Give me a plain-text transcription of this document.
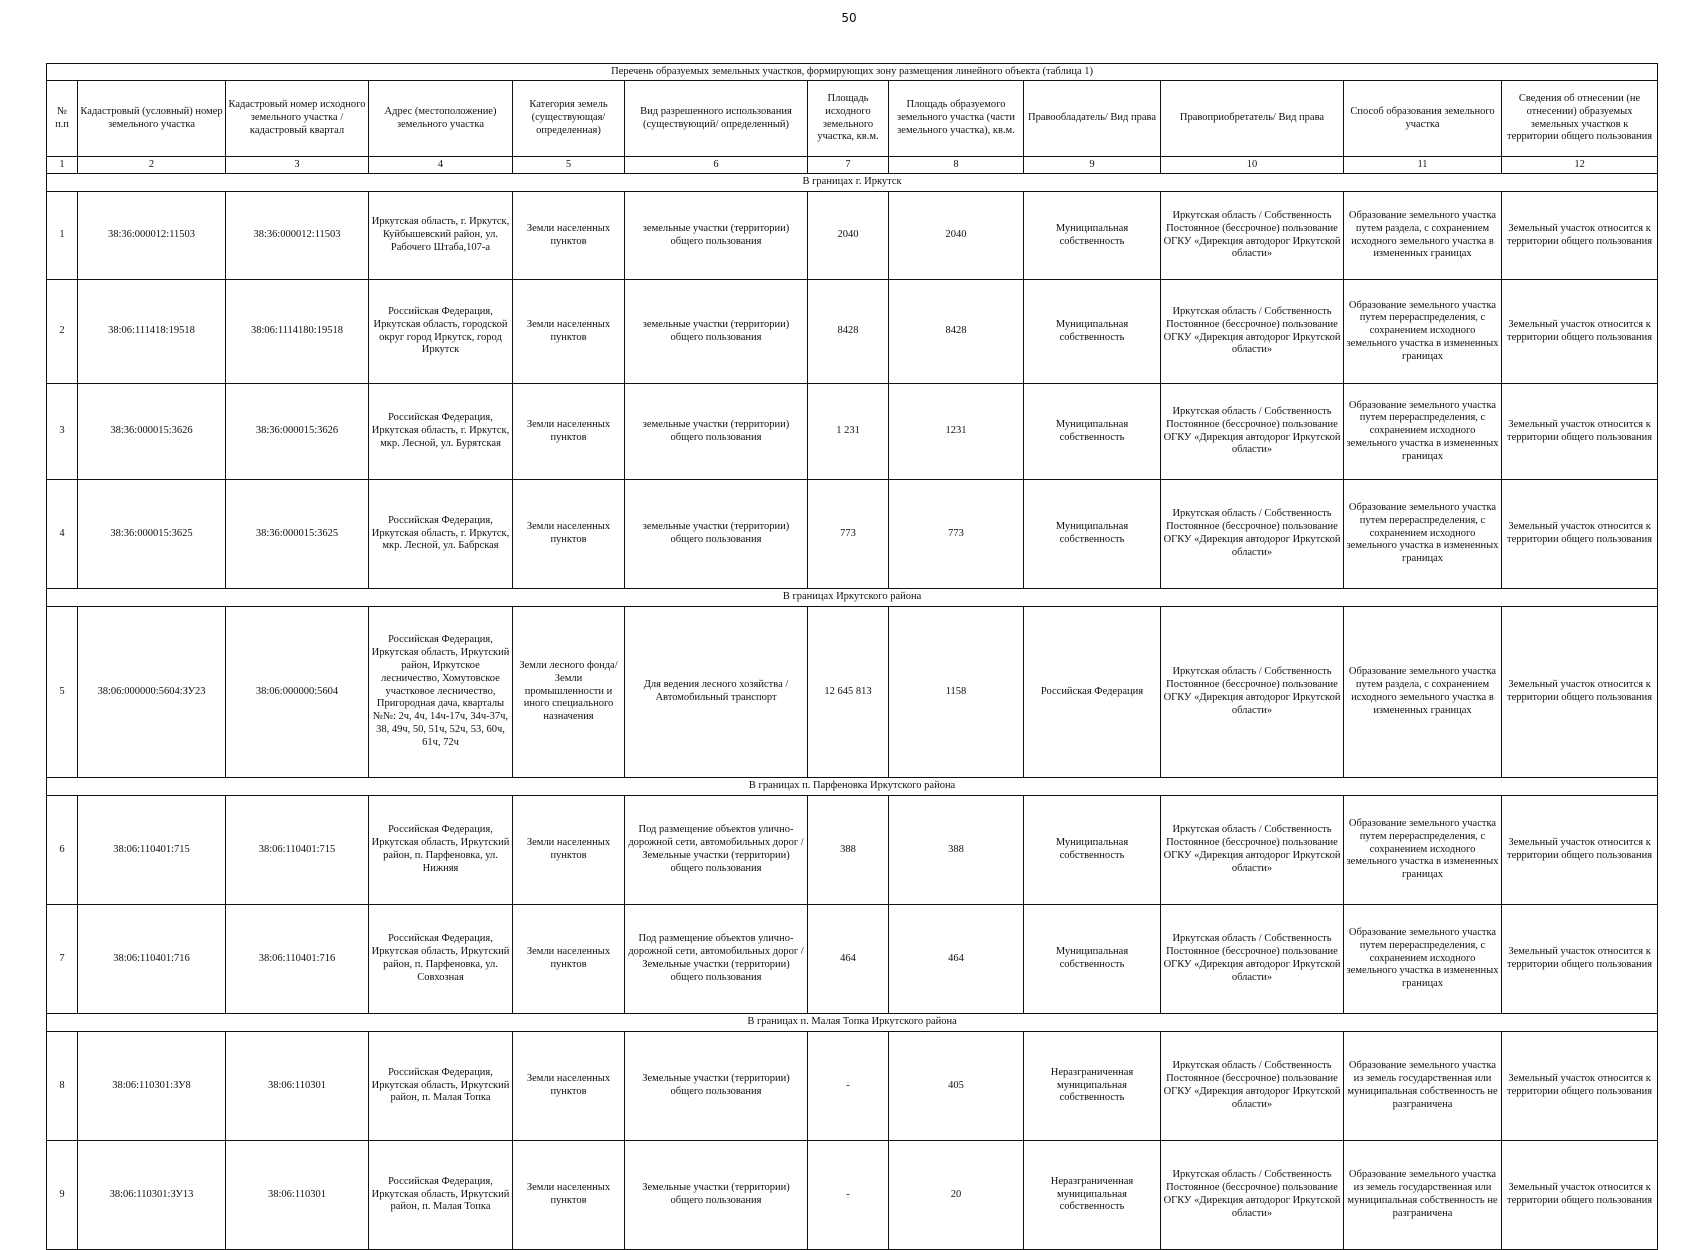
50
Перечень образуемых земельных участков, формирующих зону размещения линейного объекта (таблица 1)											
№ п.п	Кадастровый (условный) номер земельного участка	Кадастровый номер исходного земельного участка / кадастровый квартал	Адрес (местоположение) земельного участка	Категория земель (существующая/ определенная)	Вид разрешенного использования (существующий/ определенный)	Площадь исходного земельного участка, кв.м.	Площадь образуемого земельного участка (части земельного участка), кв.м.	Правообладатель/ Вид права	Правоприобретатель/ Вид права	Способ образования земельного участка	Сведения об отнесении (не отнесении) образуемых земельных участков к территории общего пользования
1	2	3	4	5	6	7	8	9	10	11	12
В границах г. Иркутск											
1	38:36:000012:11503	38:36:000012:11503	Иркутская область, г. Иркутск, Куйбышевский район, ул. Рабочего Штаба,107-а	Земли населенных пунктов	земельные участки (территории) общего пользования	2040	2040	Муниципальная собственность	Иркутская область / Собственность Постоянное (бессрочное) пользование ОГКУ «Дирекция автодорог Иркутской области»	Образование земельного участка путем раздела, с сохранением исходного земельного участка в измененных границах	Земельный участок относится к территории общего пользования
2	38:06:111418:19518	38:06:1114180:19518	Российская Федерация, Иркутская область, городской округ город Иркутск, город Иркутск	Земли населенных пунктов	земельные участки (территории) общего пользования	8428	8428	Муниципальная собственность	Иркутская область / Собственность Постоянное (бессрочное) пользование ОГКУ «Дирекция автодорог Иркутской области»	Образование земельного участка путем перераспределения, с сохранением исходного земельного участка в измененных границах	Земельный участок относится к территории общего пользования
3	38:36:000015:3626	38:36:000015:3626	Российская Федерация, Иркутская область, г. Иркутск, мкр. Лесной, ул. Бурятская	Земли населенных пунктов	земельные участки (территории) общего пользования	1 231	1231	Муниципальная собственность	Иркутская область / Собственность Постоянное (бессрочное) пользование ОГКУ «Дирекция автодорог Иркутской области»	Образование земельного участка путем перераспределения, с сохранением исходного земельного участка в измененных границах	Земельный участок относится к территории общего пользования
4	38:36:000015:3625	38:36:000015:3625	Российская Федерация, Иркутская область, г. Иркутск, мкр. Лесной, ул. Бабрская	Земли населенных пунктов	земельные участки (территории) общего пользования	773	773	Муниципальная собственность	Иркутская область / Собственность Постоянное (бессрочное) пользование ОГКУ «Дирекция автодорог Иркутской области»	Образование земельного участка путем перераспределения, с сохранением исходного земельного участка в измененных границах	Земельный участок относится к территории общего пользования
В границах Иркутского района											
5	38:06:000000:5604:ЗУ23	38:06:000000:5604	Российская Федерация, Иркутская область, Иркутский район, Иркутское лесничество, Хомутовское участковое лесничество, Пригородная дача, кварталы №№: 2ч, 4ч, 14ч-17ч, 34ч-37ч, 38, 49ч, 50, 51ч, 52ч, 53, 60ч, 61ч, 72ч	Земли лесного фонда/ Земли промышленности и иного специального назначения	Для ведения лесного хозяйства / Автомобильный транспорт	12 645 813	1158	Российская Федерация	Иркутская область / Собственность Постоянное (бессрочное) пользование ОГКУ «Дирекция автодорог Иркутской области»	Образование земельного участка путем раздела, с сохранением исходного земельного участка в измененных границах	Земельный участок относится к территории общего пользования
В границах п. Парфеновка Иркутского района											
6	38:06:110401:715	38:06:110401:715	Российская Федерация, Иркутская область, Иркутский район, п. Парфеновка, ул. Нижняя	Земли населенных пунктов	Под размещение объектов улично-дорожной сети, автомобильных дорог / Земельные участки (территории) общего пользования	388	388	Муниципальная собственность	Иркутская область / Собственность Постоянное (бессрочное) пользование ОГКУ «Дирекция автодорог Иркутской области»	Образование земельного участка путем перераспределения, с сохранением исходного земельного участка в измененных границах	Земельный участок относится к территории общего пользования
7	38:06:110401:716	38:06:110401:716	Российская Федерация, Иркутская область, Иркутский район, п. Парфеновка, ул. Совхозная	Земли населенных пунктов	Под размещение объектов улично-дорожной сети, автомобильных дорог / Земельные участки (территории) общего пользования	464	464	Муниципальная собственность	Иркутская область / Собственность Постоянное (бессрочное) пользование ОГКУ «Дирекция автодорог Иркутской области»	Образование земельного участка путем перераспределения, с сохранением исходного земельного участка в измененных границах	Земельный участок относится к территории общего пользования
В границах п. Малая Топка Иркутского района											
8	38:06:110301:ЗУ8	38:06:110301	Российская Федерация, Иркутская область, Иркутский район, п. Малая Топка	Земли населенных пунктов	Земельные участки (территории) общего пользования	-	405	Неразграниченная муниципальная собственность	Иркутская область / Собственность Постоянное (бессрочное) пользование ОГКУ «Дирекция автодорог Иркутской области»	Образование земельного участка из земель государственная или муниципальная собственность не разграничена	Земельный участок относится к территории общего пользования
9	38:06:110301:ЗУ13	38:06:110301	Российская Федерация, Иркутская область, Иркутский район, п. Малая Топка	Земли населенных пунктов	Земельные участки (территории) общего пользования	-	20	Неразграниченная муниципальная собственность	Иркутская область / Собственность Постоянное (бессрочное) пользование ОГКУ «Дирекция автодорог Иркутской области»	Образование земельного участка из земель государственная или муниципальная собственность не разграничена	Земельный участок относится к территории общего пользования
